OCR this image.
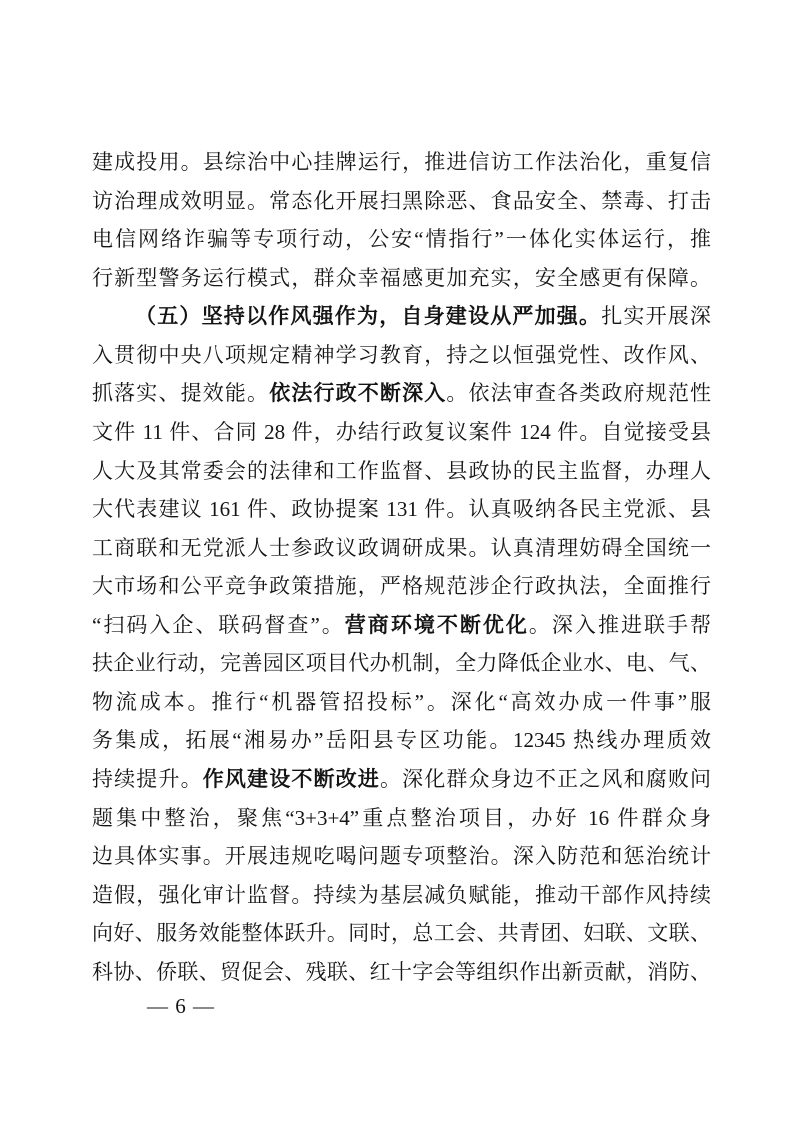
建成投用。县综治中心挂牌运行，推进信访工作法治化，重复信
访治理成效明显。常态化开展扫黑除恶、食品安全、禁毒、打击
电信网络诈骗等专项行动，公安“情指行”一体化实体运行，推
行新型警务运行模式，群众幸福感更加充实，安全感更有保障。
（五）坚持以作风强作为，自身建设从严加强。扎实开展深
入贯彻中央八项规定精神学习教育，持之以恒强党性、改作风、
抓落实、提效能。依法行政不断深入。依法审查各类政府规范性
文件 11 件、合同 28 件，办结行政复议案件 124 件。自觉接受县
人大及其常委会的法律和工作监督、县政协的民主监督，办理人
大代表建议 161 件、政协提案 131 件。认真吸纳各民主党派、县
工商联和无党派人士参政议政调研成果。认真清理妨碍全国统一
大市场和公平竞争政策措施，严格规范涉企行政执法，全面推行
“扫码入企、联码督查”。营商环境不断优化。深入推进联手帮
扶企业行动，完善园区项目代办机制，全力降低企业水、电、气、
物流成本。推行“机器管招投标”。深化“高效办成一件事”服
务集成，拓展“湘易办”岳阳县专区功能。12345 热线办理质效
持续提升。作风建设不断改进。深化群众身边不正之风和腐败问
题集中整治，聚焦“3+3+4”重点整治项目，办好 16 件群众身
边具体实事。开展违规吃喝问题专项整治。深入防范和惩治统计
造假，强化审计监督。持续为基层减负赋能，推动干部作风持续
向好、服务效能整体跃升。同时，总工会、共青团、妇联、文联、
科协、侨联、贸促会、残联、红十字会等组织作出新贡献，消防、
— 6 —
